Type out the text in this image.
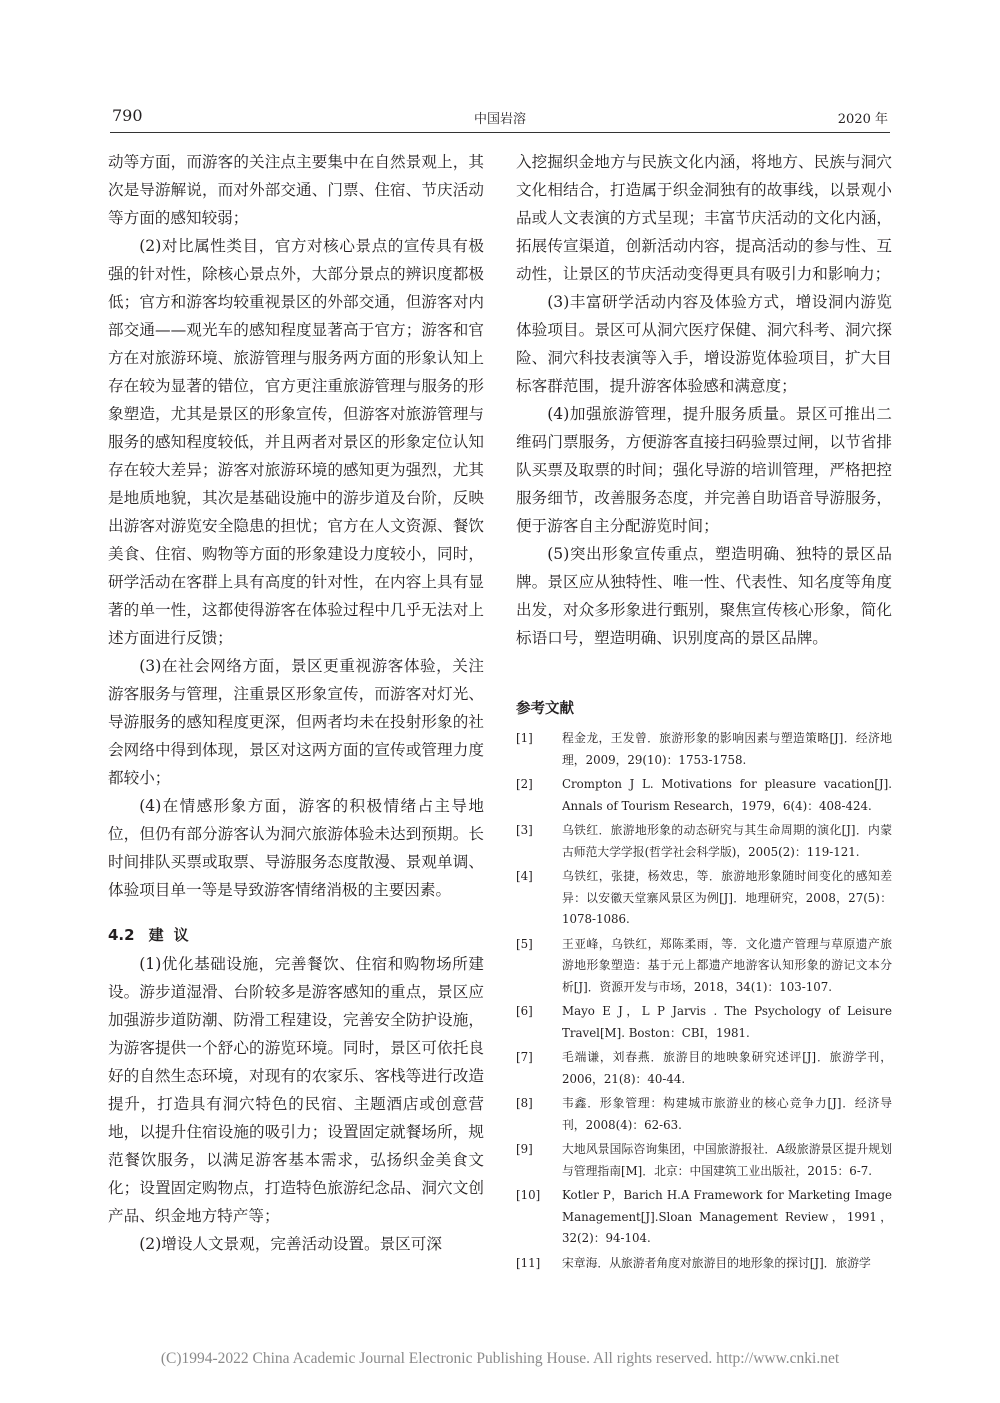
790	中国岩溶	2020 年

动等方面，而游客的关注点主要集中在自然景观上，其次是导游解说，而对外部交通、门票、住宿、节庆活动等方面的感知较弱；

(2)对比属性类目，官方对核心景点的宣传具有极强的针对性，除核心景点外，大部分景点的辨识度都极低；官方和游客均较重视景区的外部交通，但游客对内部交通——观光车的感知程度显著高于官方；游客和官方在对旅游环境、旅游管理与服务两方面的形象认知上存在较为显著的错位，官方更注重旅游管理与服务的形象塑造，尤其是景区的形象宣传，但游客对旅游管理与服务的感知程度较低，并且两者对景区的形象定位认知存在较大差异；游客对旅游环境的感知更为强烈，尤其是地质地貌，其次是基础设施中的游步道及台阶，反映出游客对游览安全隐患的担忧；官方在人文资源、餐饮美食、住宿、购物等方面的形象建设力度较小，同时，研学活动在客群上具有高度的针对性，在内容上具有显著的单一性，这都使得游客在体验过程中几乎无法对上述方面进行反馈；

(3)在社会网络方面，景区更重视游客体验，关注游客服务与管理，注重景区形象宣传，而游客对灯光、导游服务的感知程度更深，但两者均未在投射形象的社会网络中得到体现，景区对这两方面的宣传或管理力度都较小；

(4)在情感形象方面，游客的积极情绪占主导地位，但仍有部分游客认为洞穴旅游体验未达到预期。长时间排队买票或取票、导游服务态度散漫、景观单调、体验项目单一等是导致游客情绪消极的主要因素。

4.2 建议

(1)优化基础设施，完善餐饮、住宿和购物场所建设。游步道湿滑、台阶较多是游客感知的重点，景区应加强游步道防潮、防滑工程建设，完善安全防护设施，为游客提供一个舒心的游览环境。同时，景区可依托良好的自然生态环境，对现有的农家乐、客栈等进行改造提升，打造具有洞穴特色的民宿、主题酒店或创意营地，以提升住宿设施的吸引力；设置固定就餐场所，规范餐饮服务，以满足游客基本需求，弘扬织金美食文化；设置固定购物点，打造特色旅游纪念品、洞穴文创产品、织金地方特产等；

(2)增设人文景观，完善活动设置。景区可深

入挖掘织金地方与民族文化内涵，将地方、民族与洞穴文化相结合，打造属于织金洞独有的故事线，以景观小品或人文表演的方式呈现；丰富节庆活动的文化内涵，拓展传宣渠道，创新活动内容，提高活动的参与性、互动性，让景区的节庆活动变得更具有吸引力和影响力；

(3)丰富研学活动内容及体验方式，增设洞内游览体验项目。景区可从洞穴医疗保健、洞穴科考、洞穴探险、洞穴科技表演等入手，增设游览体验项目，扩大目标客群范围，提升游客体验感和满意度；

(4)加强旅游管理，提升服务质量。景区可推出二维码门票服务，方便游客直接扫码验票过闸，以节省排队买票及取票的时间；强化导游的培训管理，严格把控服务细节，改善服务态度，并完善自助语音导游服务，便于游客自主分配游览时间；

(5)突出形象宣传重点，塑造明确、独特的景区品牌。景区应从独特性、唯一性、代表性、知名度等角度出发，对众多形象进行甄别，聚焦宣传核心形象，简化标语口号，塑造明确、识别度高的景区品牌。

参考文献
[1]	程金龙，王发曾．旅游形象的影响因素与塑造策略[J]．经济地理，2009，29(10)：1753-1758.
[2]	Crompton J L. Motivations for pleasure vacation[J]. Annals of Tourism Research，1979，6(4)：408-424.
[3]	乌铁红．旅游地形象的动态研究与其生命周期的演化[J]．内蒙古师范大学学报(哲学社会科学版)，2005(2)：119-121.
[4]	乌铁红，张捷，杨效忠，等．旅游地形象随时间变化的感知差异：以安徽天堂寨风景区为例[J]．地理研究，2008，27(5)：1078-1086.
[5]	王亚峰，乌铁红，郑陈柔雨，等．文化遗产管理与草原遗产旅游地形象塑造：基于元上都遗产地游客认知形象的游记文本分析[J]．资源开发与市场，2018，34(1)：103-107.
[6]	Mayo E J，L P Jarvis . The Psychology of Leisure Travel[M]. Boston：CBI，1981.
[7]	毛端谦，刘春燕．旅游目的地映象研究述评[J]．旅游学刊，2006，21(8)：40-44.
[8]	韦鑫．形象管理：构建城市旅游业的核心竞争力[J]．经济导刊，2008(4)：62-63.
[9]	大地风景国际咨询集团，中国旅游报社．A级旅游景区提升规划与管理指南[M]．北京：中国建筑工业出版社，2015：6-7.
[10]	Kotler P，Barich H.A Framework for Marketing Image Management[J].Sloan Management Review，1991，32(2)：94-104.
[11]	宋章海．从旅游者角度对旅游目的地形象的探讨[J]．旅游学
(C)1994-2022 China Academic Journal Electronic Publishing House. All rights reserved. http://www.cnki.net
